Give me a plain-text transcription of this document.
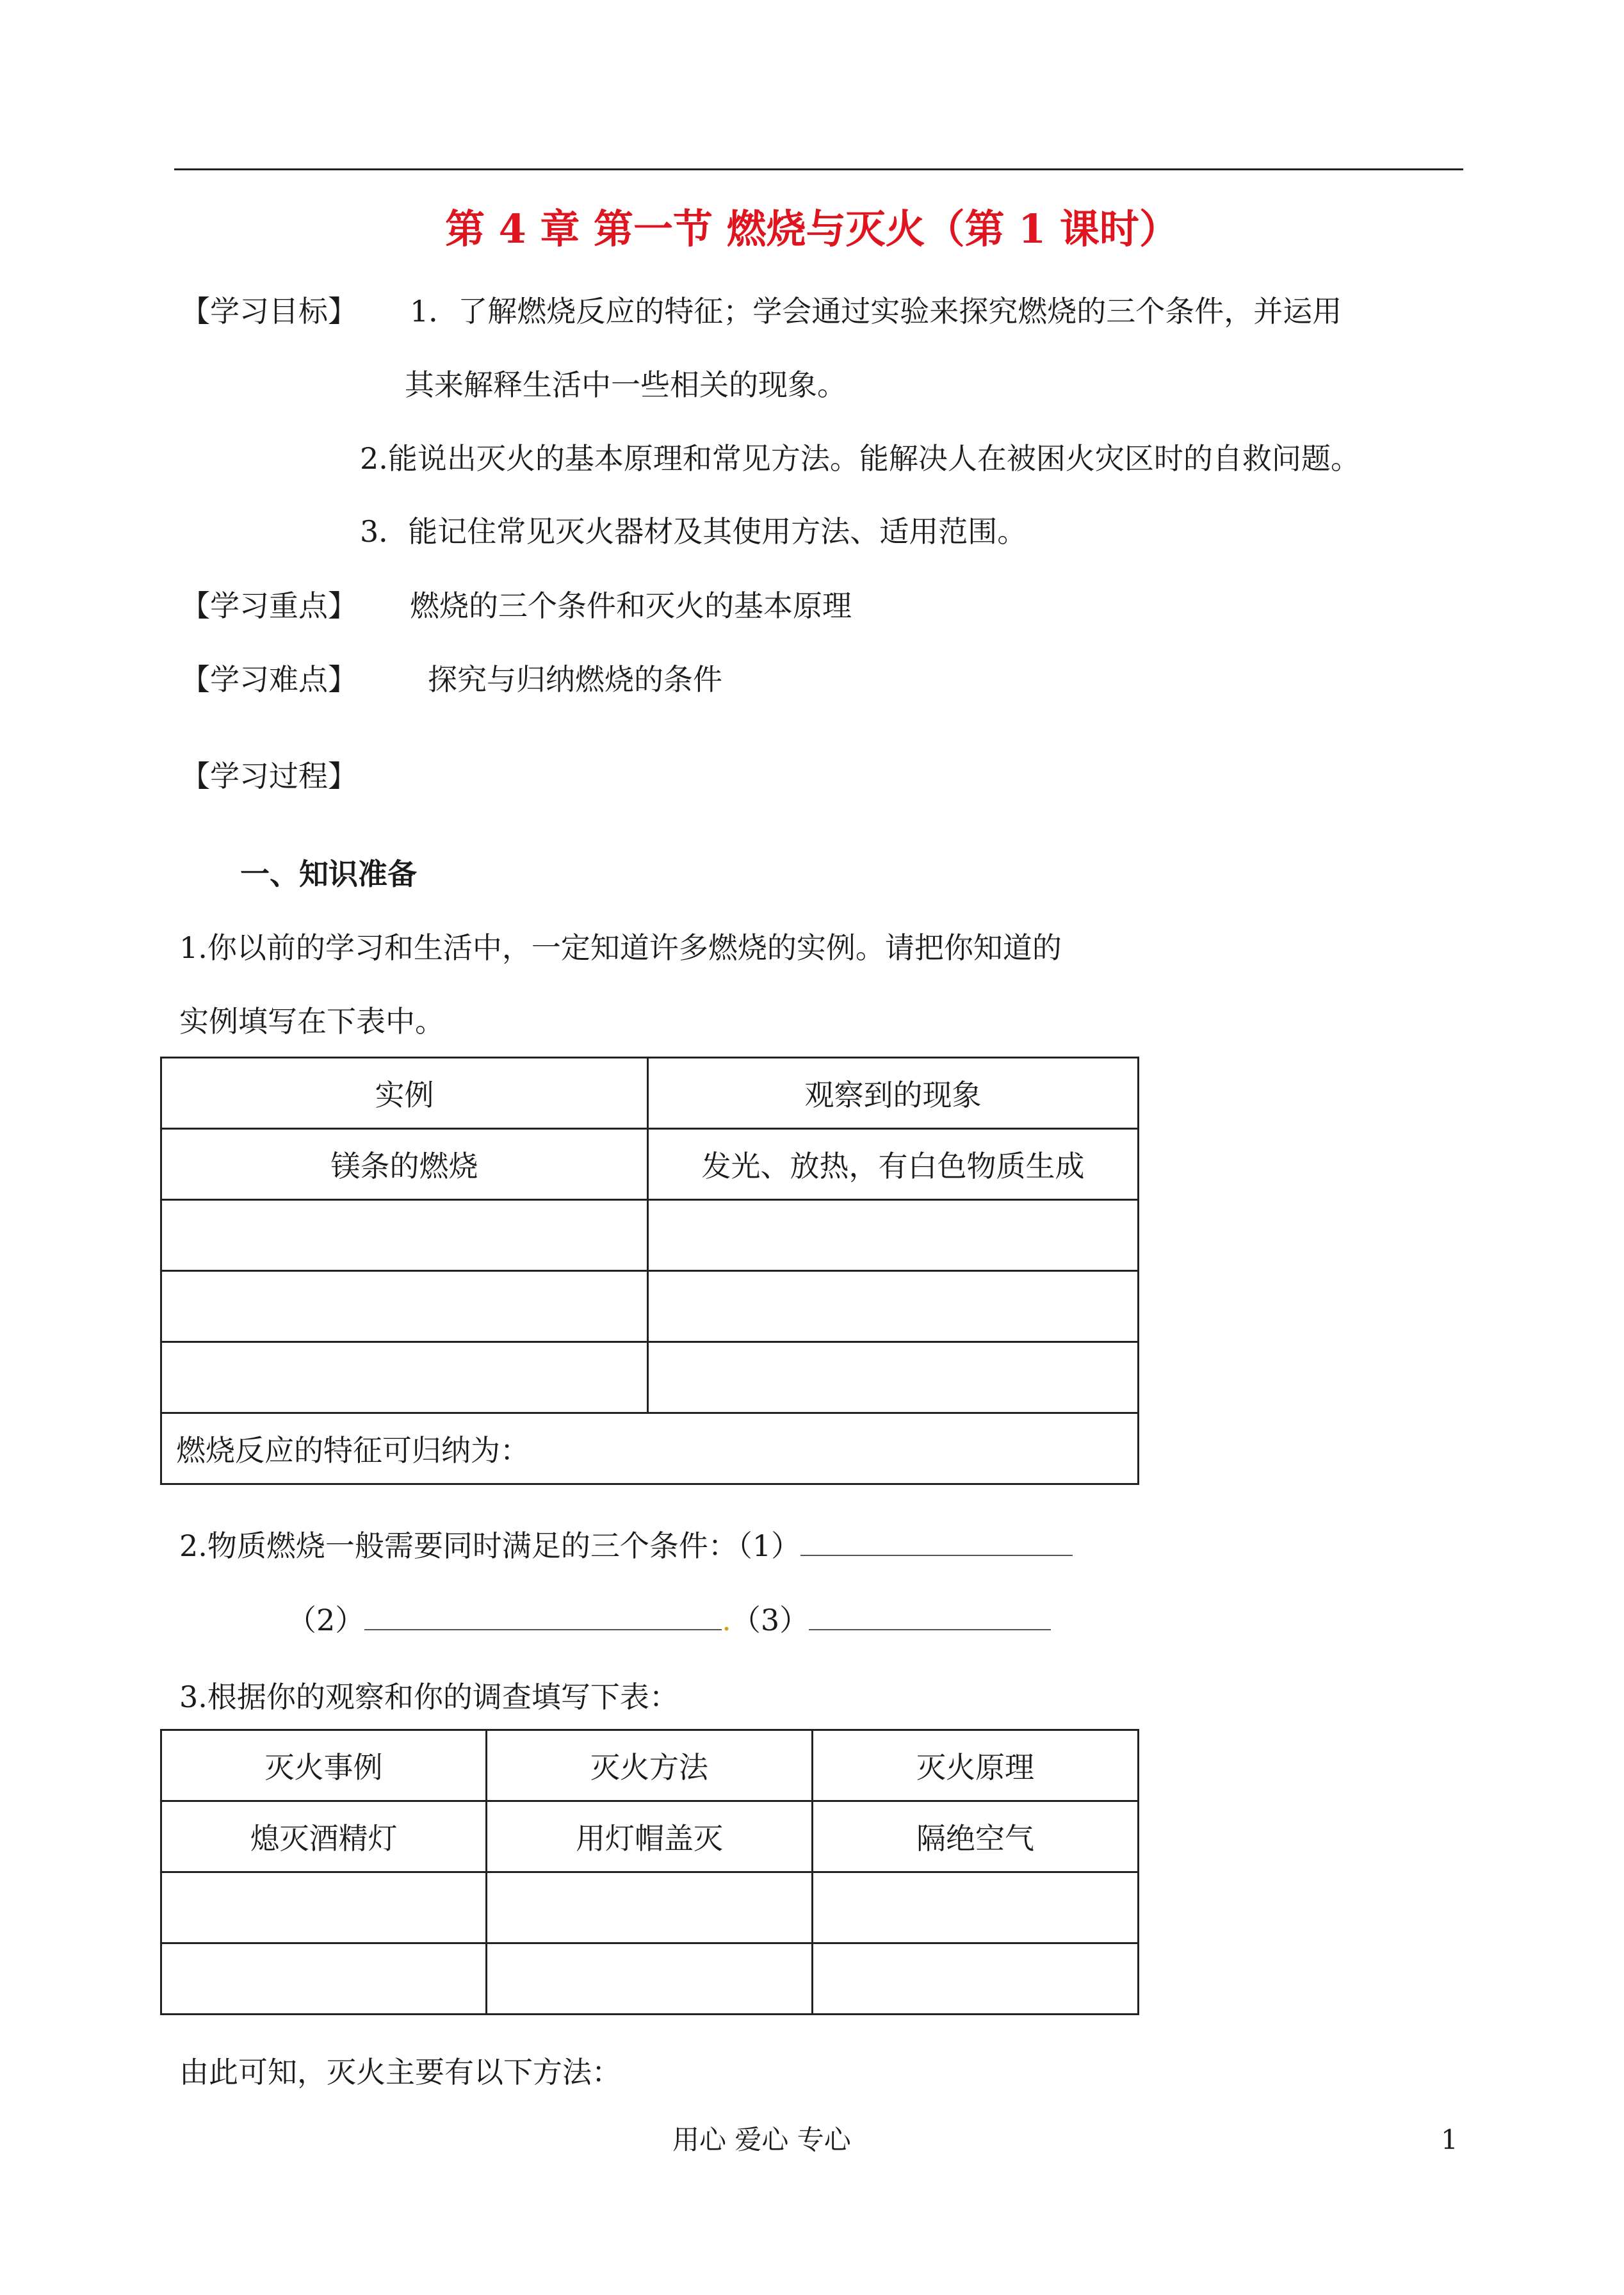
第 4 章 第一节 燃烧与灭火（第 1 课时）
【学习目标】 1．了解燃烧反应的特征；学会通过实验来探究燃烧的三个条件，并运用
其来解释生活中一些相关的现象。
2.能说出灭火的基本原理和常见方法。能解决人在被困火灾区时的自救问题。
3．能记住常见灭火器材及其使用方法、适用范围。
【学习重点】 燃烧的三个条件和灭火的基本原理
【学习难点】 探究与归纳燃烧的条件
【学习过程】
一、知识准备
1.你以前的学习和生活中，一定知道许多燃烧的实例。请把你知道的
实例填写在下表中。
实例	观察到的现象
镁条的燃烧	发光、放热，有白色物质生成

燃烧反应的特征可归纳为：	
2.物质燃烧一般需要同时满足的三个条件：（1）
（2）	.（3）
3.根据你的观察和你的调查填写下表：
灭火事例	灭火方法	灭火原理
熄灭酒精灯	用灯帽盖灭	隔绝空气

由此可知，灭火主要有以下方法：
用心 爱心 专心	1
